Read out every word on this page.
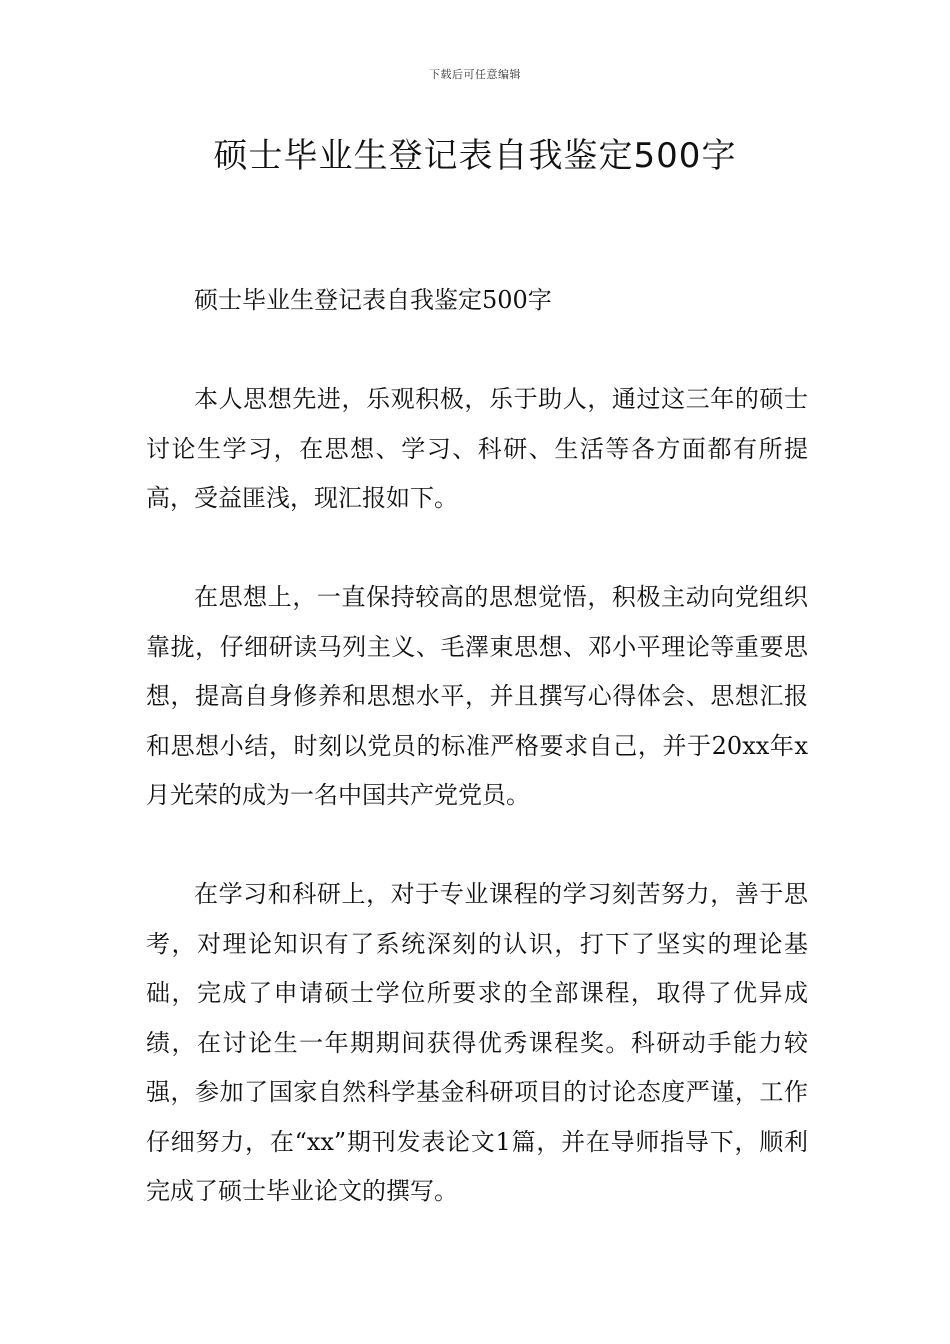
下载后可任意编辑
硕士毕业生登记表自我鉴定500字

硕士毕业生登记表自我鉴定500字

本人思想先进，乐观积极，乐于助人，通过这三年的硕士讨论生学习，在思想、学习、科研、生活等各方面都有所提高，受益匪浅，现汇报如下。

在思想上，一直保持较高的思想觉悟，积极主动向党组织靠拢，仔细研读马列主义、毛澤東思想、邓小平理论等重要思想，提高自身修养和思想水平，并且撰写心得体会、思想汇报和思想小结，时刻以党员的标准严格要求自己，并于20xx年x月光荣的成为一名中国共产党党员。

在学习和科研上，对于专业课程的学习刻苦努力，善于思考，对理论知识有了系统深刻的认识，打下了坚实的理论基础，完成了申请硕士学位所要求的全部课程，取得了优异成绩，在讨论生一年期期间获得优秀课程奖。科研动手能力较强，参加了国家自然科学基金科研项目的讨论态度严谨，工作仔细努力，在“xx”期刊发表论文1篇，并在导师指导下，顺利完成了硕士毕业论文的撰写。
